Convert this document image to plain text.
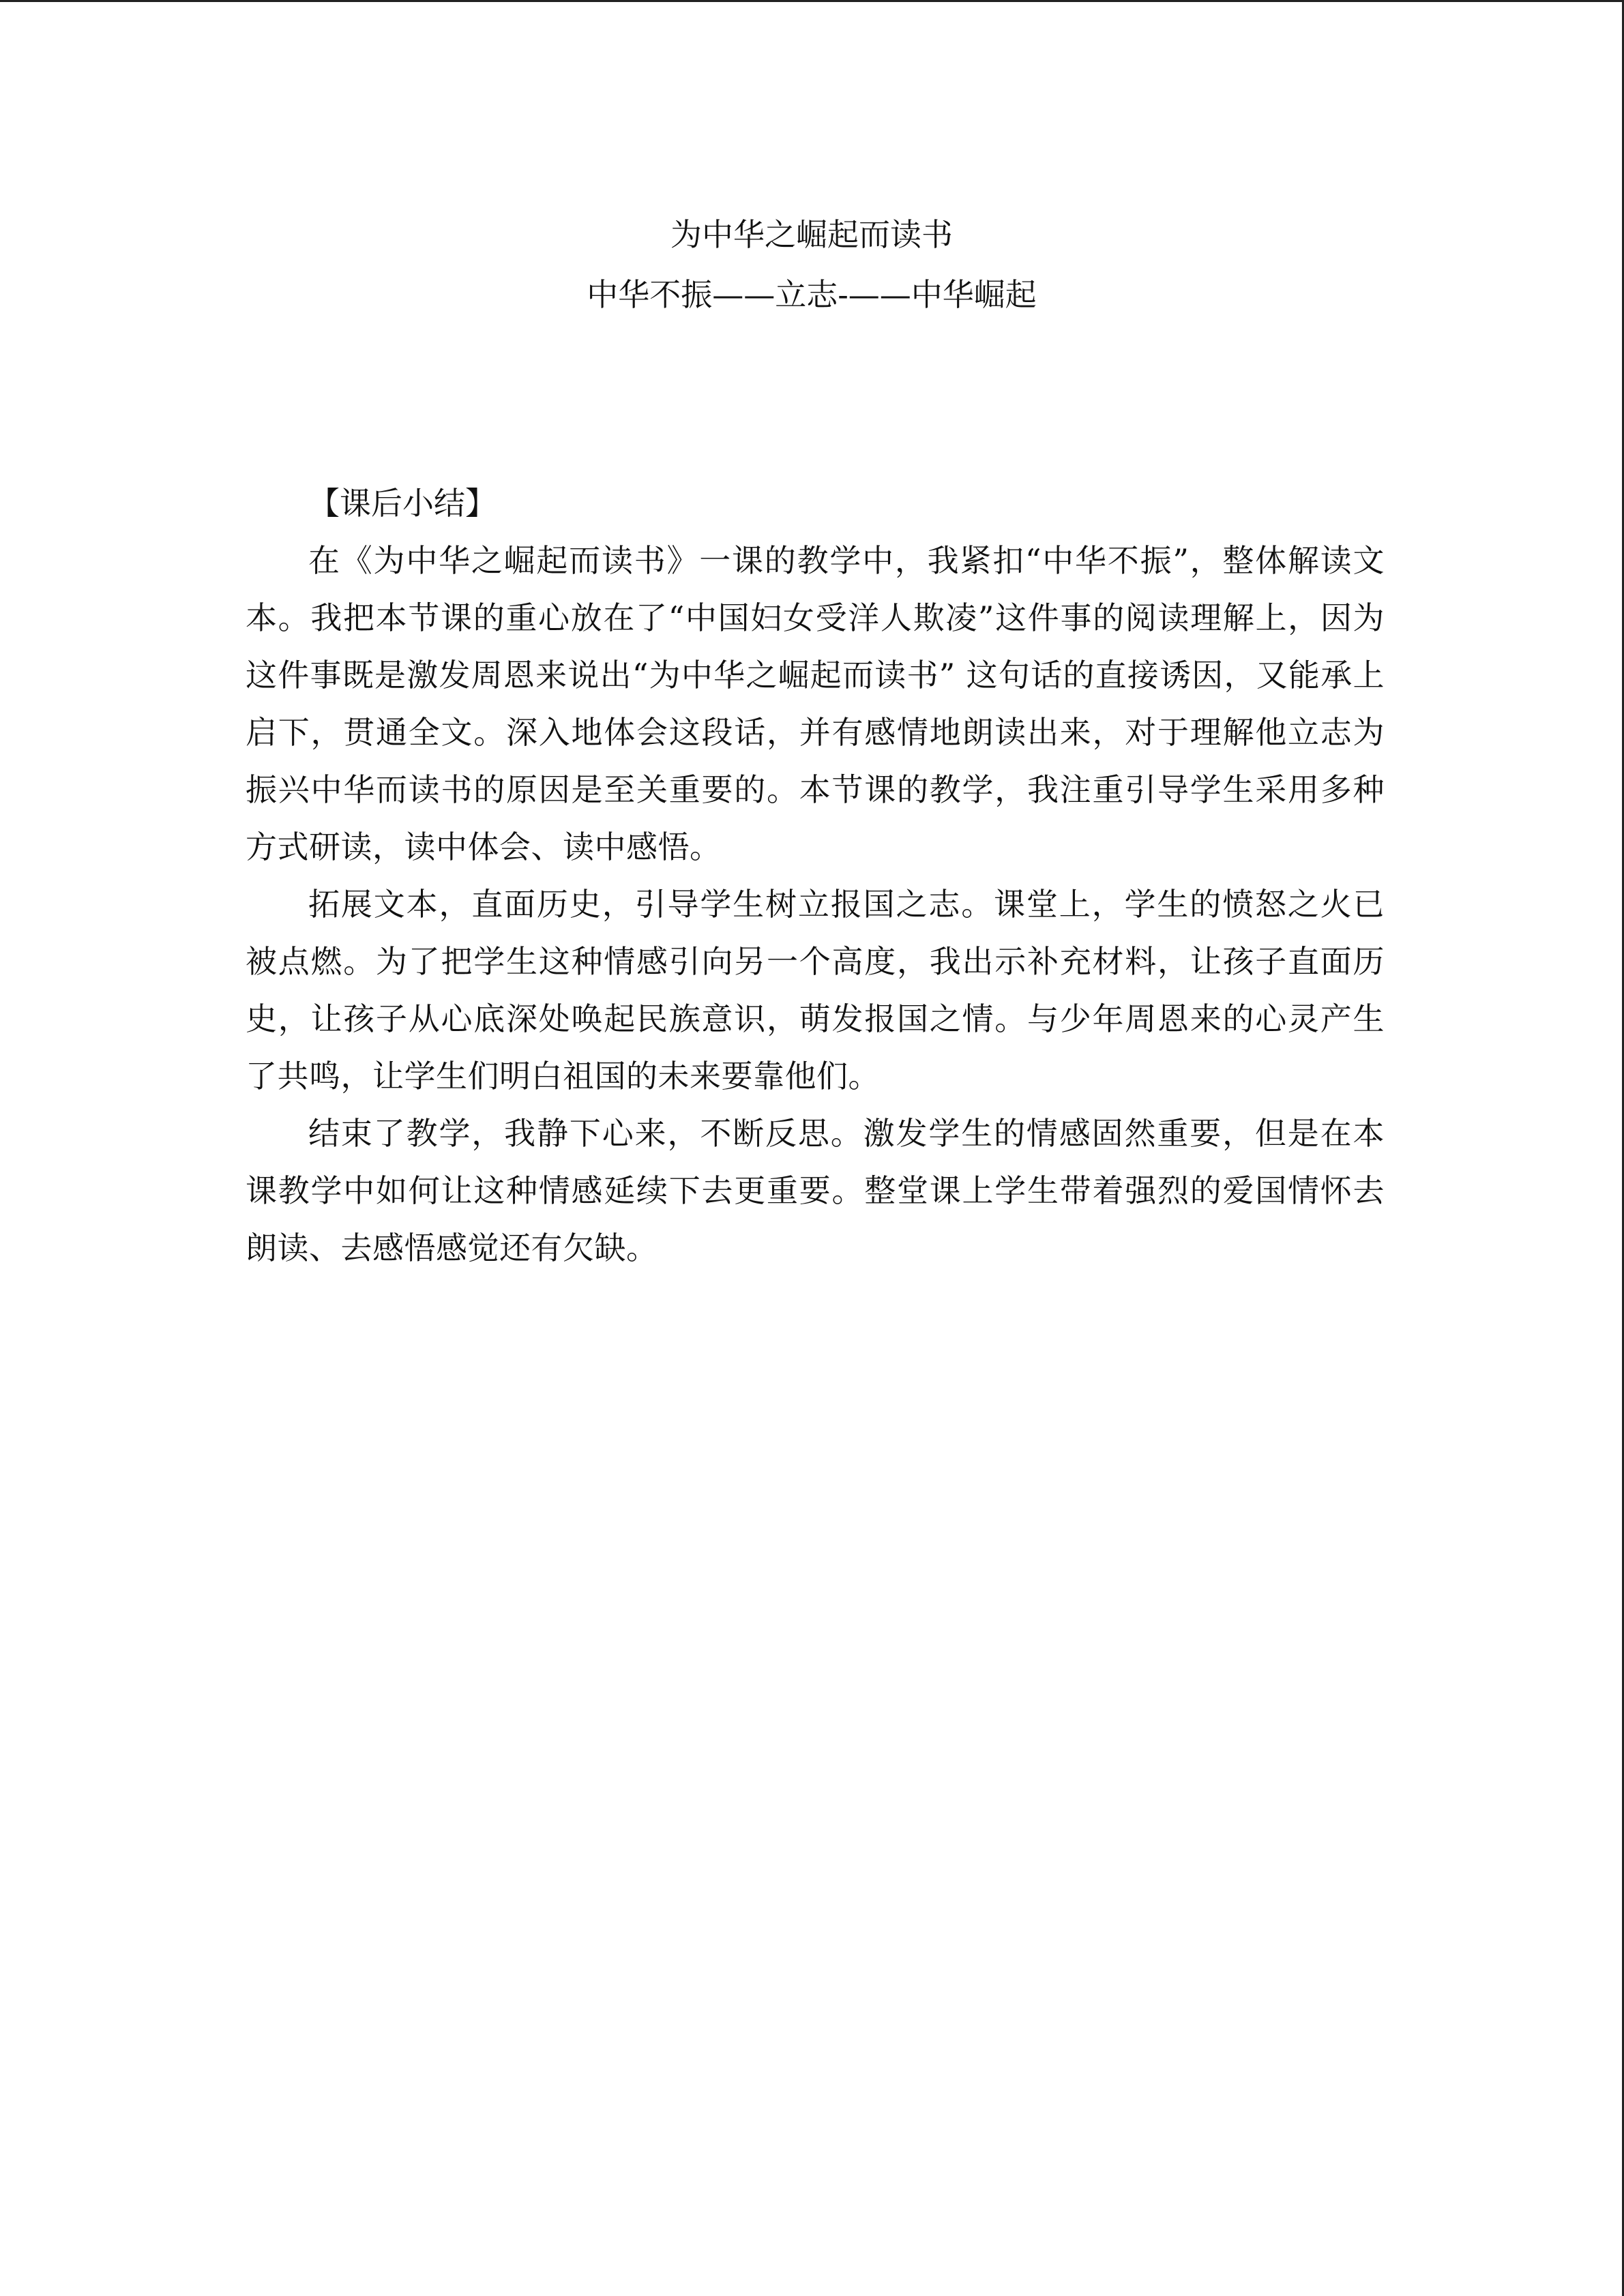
为中华之崛起而读书
中华不振——立志-——中华崛起
【课后小结】

在《为中华之崛起而读书》一课的教学中，我紧扣“中华不振”，整体解读文本。我把本节课的重心放在了“中国妇女受洋人欺凌”这件事的阅读理解上，因为这件事既是激发周恩来说出“为中华之崛起而读书” 这句话的直接诱因，又能承上启下，贯通全文。深入地体会这段话，并有感情地朗读出来，对于理解他立志为振兴中华而读书的原因是至关重要的。本节课的教学，我注重引导学生采用多种方式研读，读中体会、读中感悟。

拓展文本，直面历史，引导学生树立报国之志。课堂上，学生的愤怒之火已被点燃。为了把学生这种情感引向另一个高度，我出示补充材料，让孩子直面历史，让孩子从心底深处唤起民族意识，萌发报国之情。与少年周恩来的心灵产生了共鸣，让学生们明白祖国的未来要靠他们。

结束了教学，我静下心来，不断反思。激发学生的情感固然重要，但是在本课教学中如何让这种情感延续下去更重要。整堂课上学生带着强烈的爱国情怀去朗读、去感悟感觉还有欠缺。
